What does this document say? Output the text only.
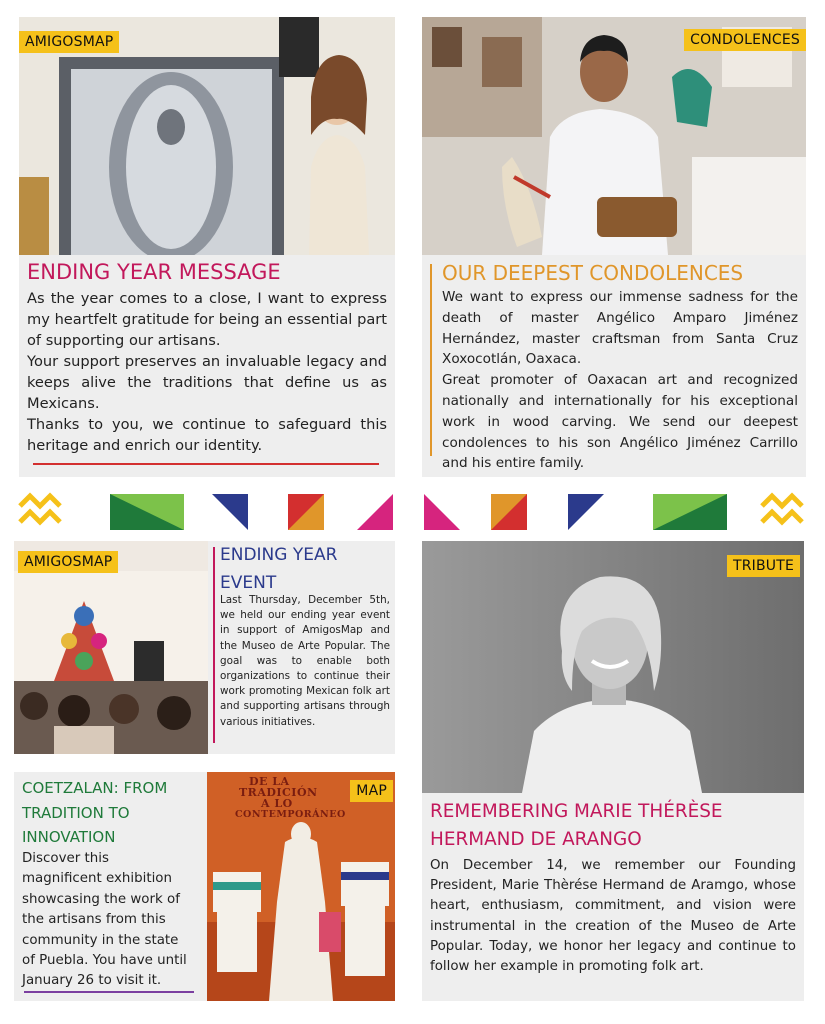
AMIGOSMAP
ENDING YEAR MESSAGE

As the year comes to a close, I want to express my heartfelt gratitude for being an essential part of supporting our artisans.

Your support preserves an invaluable legacy and keeps alive the traditions that define us as Mexicans.

Thanks to you, we continue to safeguard this heritage and enrich our identity.

CONDOLENCES
OUR DEEPEST CONDOLENCES

We want to express our immense sadness for the death of master Angélico Amparo Jiménez Hernández, master craftsman from Santa Cruz Xoxocotlán, Oaxaca.

Great promoter of Oaxacan art and recognized nationally and internationally for his exceptional work in wood carving. We send our deepest condolences to his son Angélico Jiménez Carrillo and his entire family.

AMIGOSMAP	ENDING YEAR
EVENT
Last Thursday, December 5th, we held our ending year event in support of AmigosMap and the Museo de Arte Popular. The goal was to enable both organizations to continue their work promoting Mexican folk art and supporting artisans through various initiatives.
TRIBUTE
REMEMBERING MARIE THÉRÈSE
HERMAND DE ARANGO
On December 14, we remember our Founding President, Marie Thèrése Hermand de Aramgo, whose heart, enthusiasm, commitment, and vision were instrumental in the creation of the Museo de Arte Popular. Today, we honor her legacy and continue to follow her example in promoting folk art.
COETZALAN: FROM
TRADITION TO
INNOVATION
Discover this
magnificent exhibition
showcasing the work of
the artisans from this
community in the state
of Puebla. You have until
January 26 to visit it.
DE LA
TRADICIÓN
A LO
CONTEMPORÁNEO
MAP
